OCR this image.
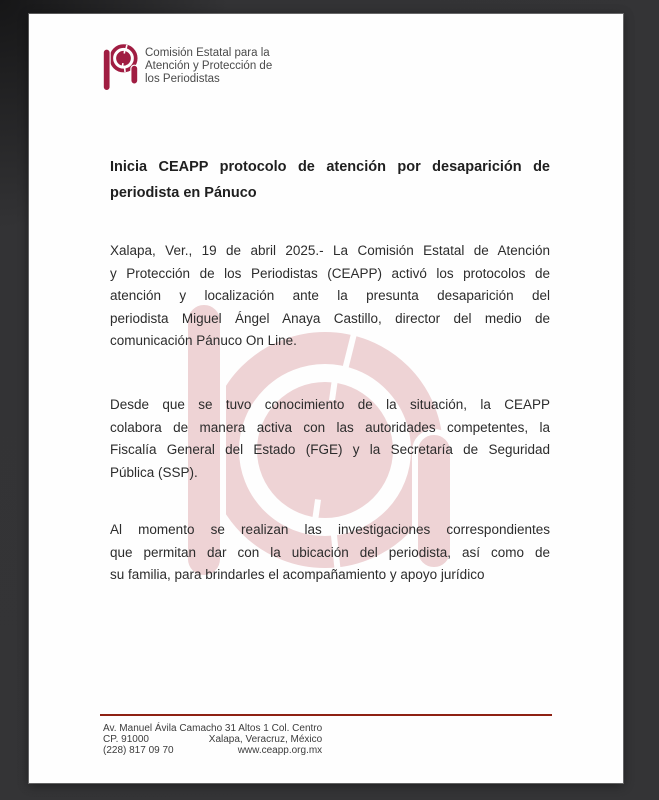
Comisión Estatal para la
Atención y Protección de
los Periodistas
Inicia CEAPP protocolo de atención por desaparición de
periodista en Pánuco
Xalapa, Ver., 19 de abril 2025.- La Comisión Estatal de Atención
y Protección de los Periodistas (CEAPP) activó los protocolos de
atención y localización ante la presunta desaparición del
periodista Miguel Ángel Anaya Castillo, director del medio de
comunicación Pánuco On Line.
Desde que se tuvo conocimiento de la situación, la CEAPP
colabora de manera activa con las autoridades competentes, la
Fiscalía General del Estado (FGE) y la Secretaría de Seguridad
Pública (SSP).
Al momento se realizan las investigaciones correspondientes
que permitan dar con la ubicación del periodista, así como de
su familia, para brindarles el acompañamiento y apoyo jurídico
Av. Manuel Ávila Camacho 31 Altos 1 Col. Centro
CP. 91000	Xalapa, Veracruz, México
(228) 817 09 70	www.ceapp.org.mx
